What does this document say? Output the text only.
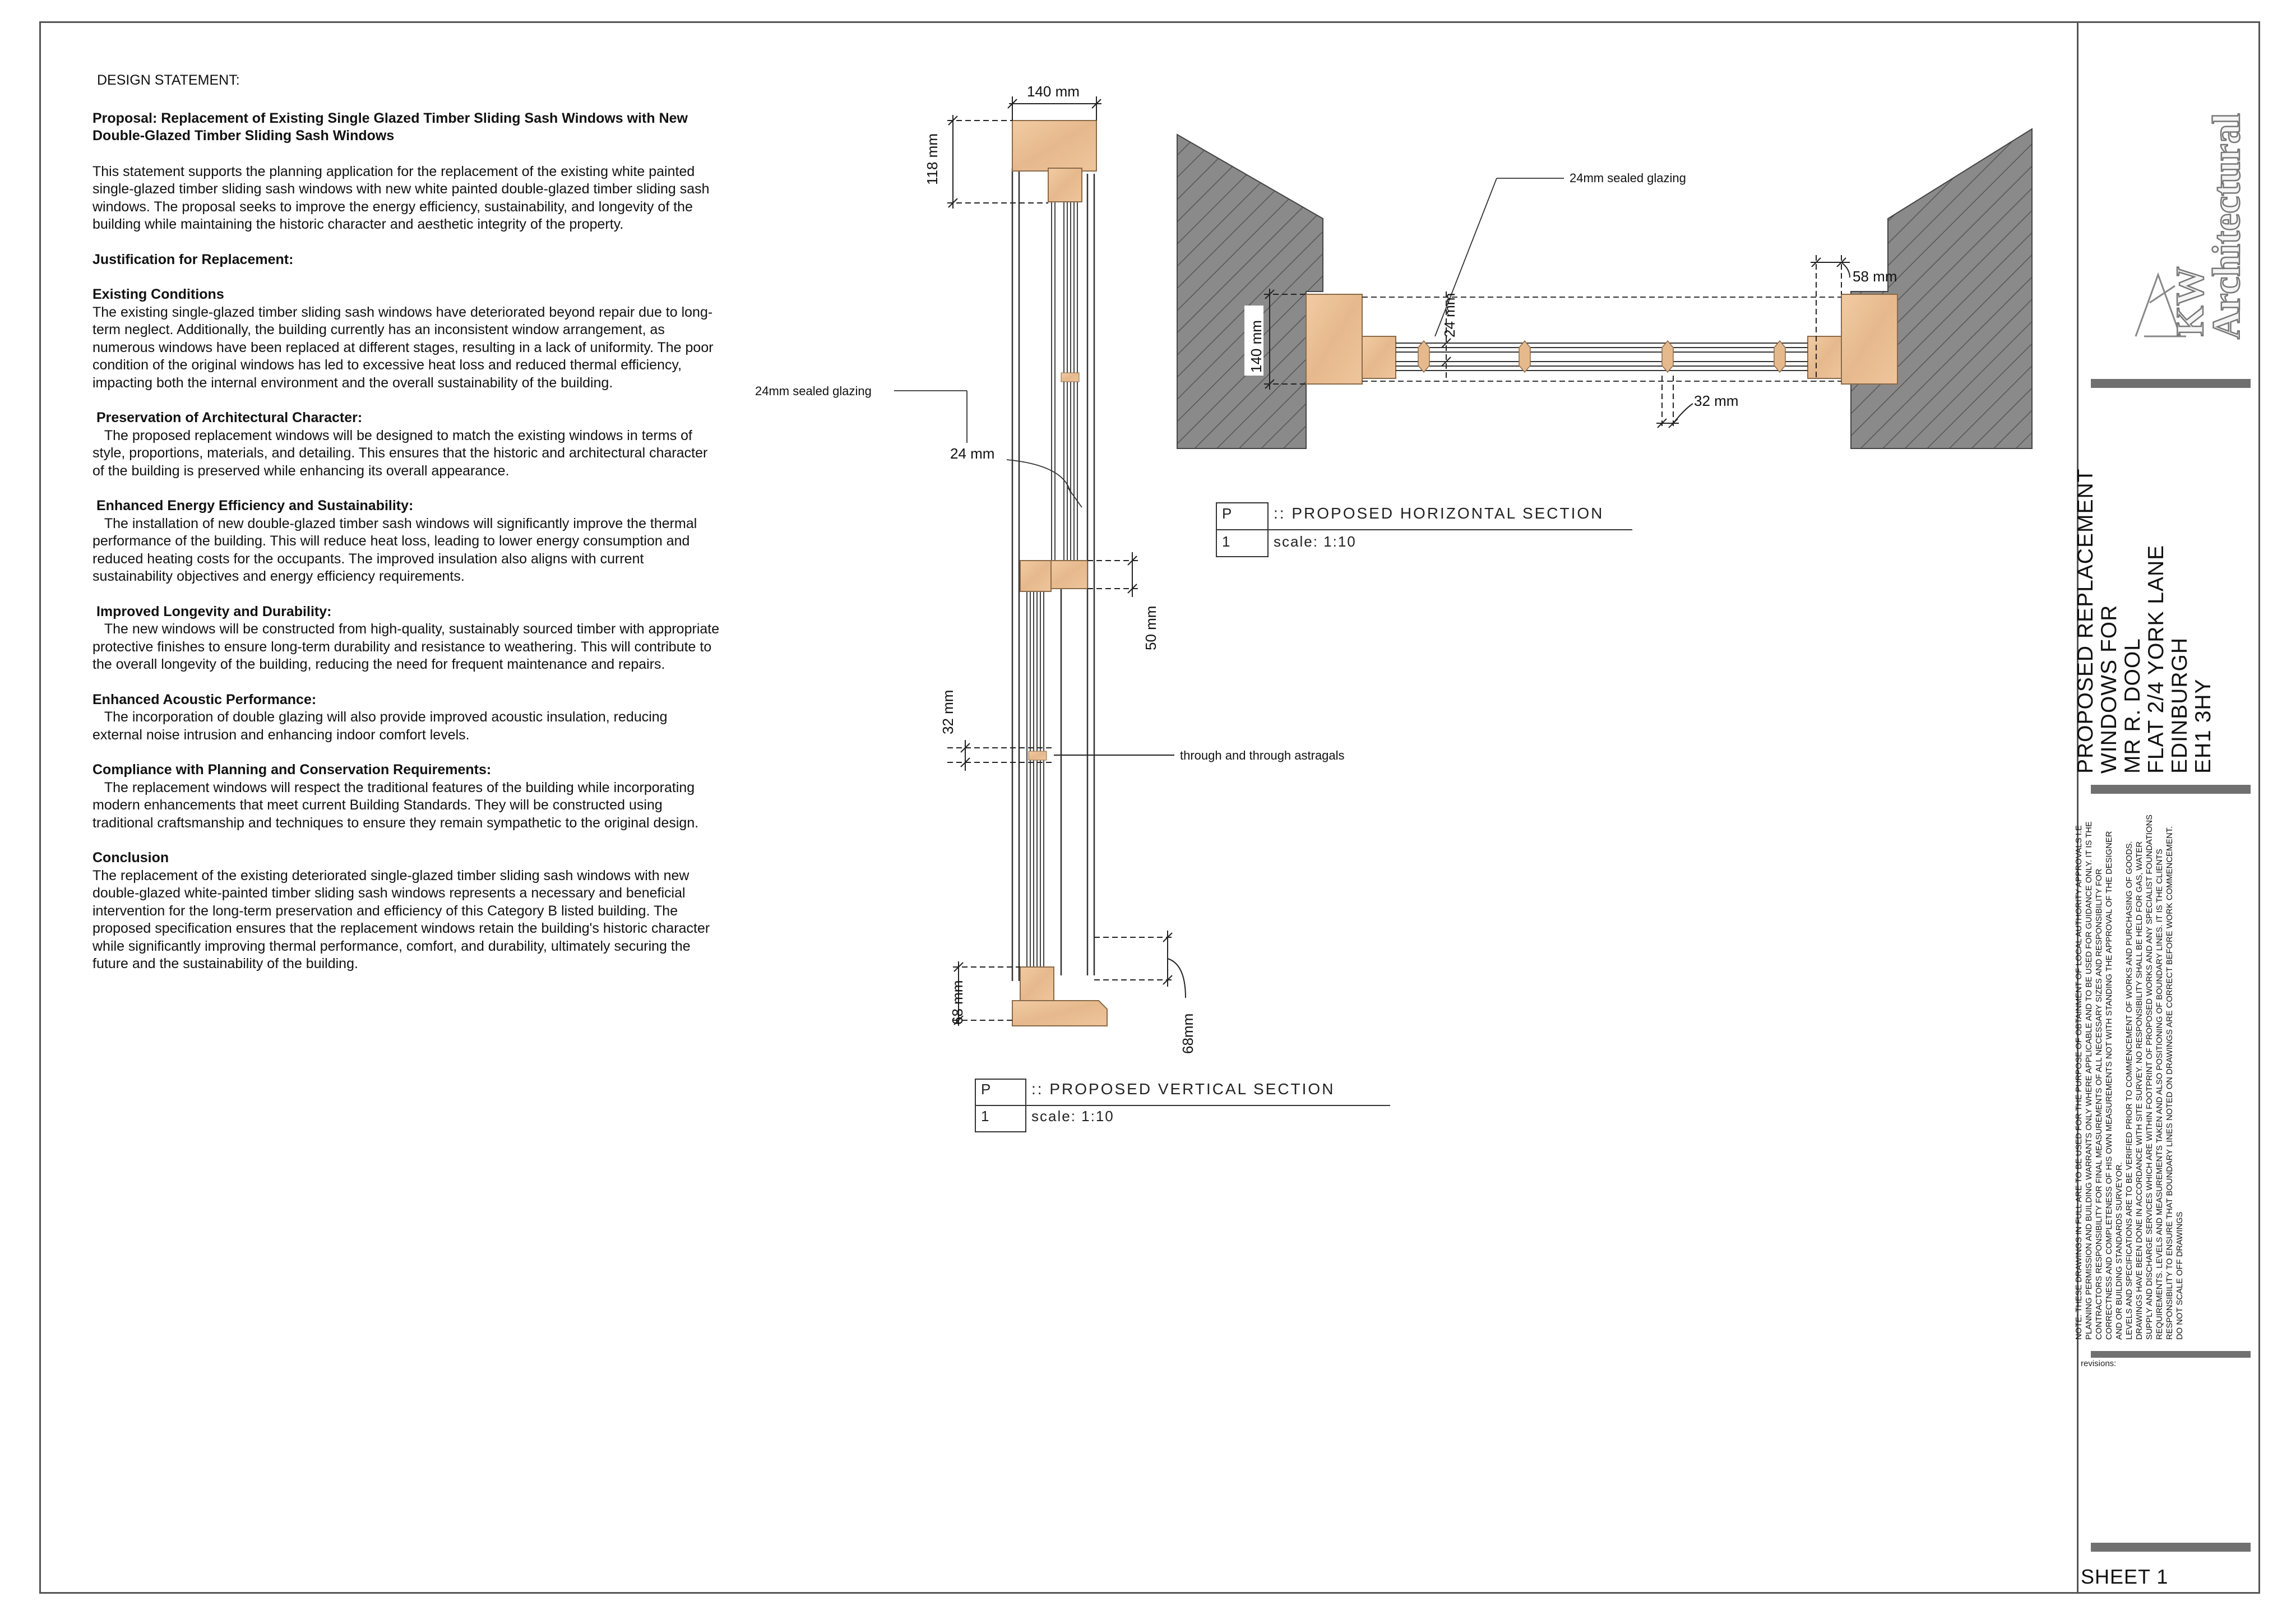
DESIGN STATEMENT:
Proposal: Replacement of Existing Single Glazed Timber Sliding Sash Windows with New Double-Glazed Timber Sliding Sash Windows

This statement supports the planning application for the replacement of the existing white painted single-glazed timber sliding sash windows with new white painted double-glazed timber sliding sash windows. The proposal seeks to improve the energy efficiency, sustainability, and longevity of the building while maintaining the historic character and aesthetic integrity of the property.

Justification for Replacement:

Existing Conditions

The existing single-glazed timber sliding sash windows have deteriorated beyond repair due to long-term neglect. Additionally, the building currently has an inconsistent window arrangement, as numerous windows have been replaced at different stages, resulting in a lack of uniformity. The poor condition of the original windows has led to excessive heat loss and reduced thermal efficiency, impacting both the internal environment and the overall sustainability of the building.

Preservation of Architectural Character:

The proposed replacement windows will be designed to match the existing windows in terms of style, proportions, materials, and detailing. This ensures that the historic and architectural character of the building is preserved while enhancing its overall appearance.

Enhanced Energy Efficiency and Sustainability:

The installation of new double-glazed timber sash windows will significantly improve the thermal performance of the building. This will reduce heat loss, leading to lower energy consumption and reduced heating costs for the occupants. The improved insulation also aligns with current sustainability objectives and energy efficiency requirements.

Improved Longevity and Durability:

The new windows will be constructed from high-quality, sustainably sourced timber with appropriate protective finishes to ensure long-term durability and resistance to weathering. This will contribute to the overall longevity of the building, reducing the need for frequent maintenance and repairs.

Enhanced Acoustic Performance:

The incorporation of double glazing will also provide improved acoustic insulation, reducing external noise intrusion and enhancing indoor comfort levels.

Compliance with Planning and Conservation Requirements:

The replacement windows will respect the traditional features of the building while incorporating modern enhancements that meet current Building Standards. They will be constructed using traditional craftsmanship and techniques to ensure they remain sympathetic to the original design.

Conclusion

The replacement of the existing deteriorated single-glazed timber sliding sash windows with new double-glazed white-painted timber sliding sash windows represents a necessary and beneficial intervention for the long-term preservation and efficiency of this Category B listed building. The proposed specification ensures that the replacement windows retain the building's historic character while significantly improving thermal performance, comfort, and durability, ultimately securing the future and the sustainability of the building.

140 mm
118 mm
24mm sealed glazing
24 mm
50 mm
32 mm
through and through astragals
68 mm
68mm
P	:: PROPOSED VERTICAL SECTION
1	scale: 1:10
24mm sealed glazing
140 mm
24 mm
58 mm
32 mm
P	:: PROPOSED HORIZONTAL SECTION
1	scale: 1:10
KW
Architectural
PROPOSED REPLACEMENT WINDOWS FOR MR R. DOOL FLAT 2/4 YORK LANE EDINBURGH EH1 3HY

NOTE: THESE DRAWINGS IN FULL ARE TO BE USED FOR THE PURPOSE OF OBTAINMENT OF LOCAL AUTHORITY APPROVALS I.E PLANNING PERMISSION AND BUILDING WARRANTS ONLY WHERE APPLICABLE AND TO BE USED FOR GUIDANCE ONLY. IT IS THE CONTRACTORS RESPONSIBILITY FOR FINAL MEASUREMENTS OF ALL NECESSARY SIZES AND RESPONSIBILITY FOR CORRECTNESS AND COMPLETENESS OF HIS OWN MEASUREMENTS NOT WITH STANDING THE APPROVAL OF THE DESIGNER AND OR BUILDING STANDARDS SURVEYOR. LEVELS AND SPECIFICATIONS ARE TO BE VERIFIED PRIOR TO COMMENCEMENT OF WORKS AND PURCHASING OF GOODS. DRAWINGS HAVE BEEN DONE IN ACCORDANCE WITH SITE SURVEY. NO RESPONSIBILITY SHALL BE HELD FOR GAS, WATER SUPPLY AND DISCHARGE SERVICES WHICH ARE WITHIN FOOTPRINT OF PROPOSED WORKS AND ANY SPECIALIST FOUNDATIONS REQUIREMENTS. LEVELS AND MEASUREMENTS TAKEN AND ALSO POSITIONING OF BOUNDARY LINES. IT IS THE CLIENTS RESPONSIBILITY TO ENSURE THAT BOUNDARY LINES NOTED ON DRAWINGS ARE CORRECT BEFORE WORK COMMENCEMENT. DO NOT SCALE OFF DRAWINGS

revisions:
SHEET 1
